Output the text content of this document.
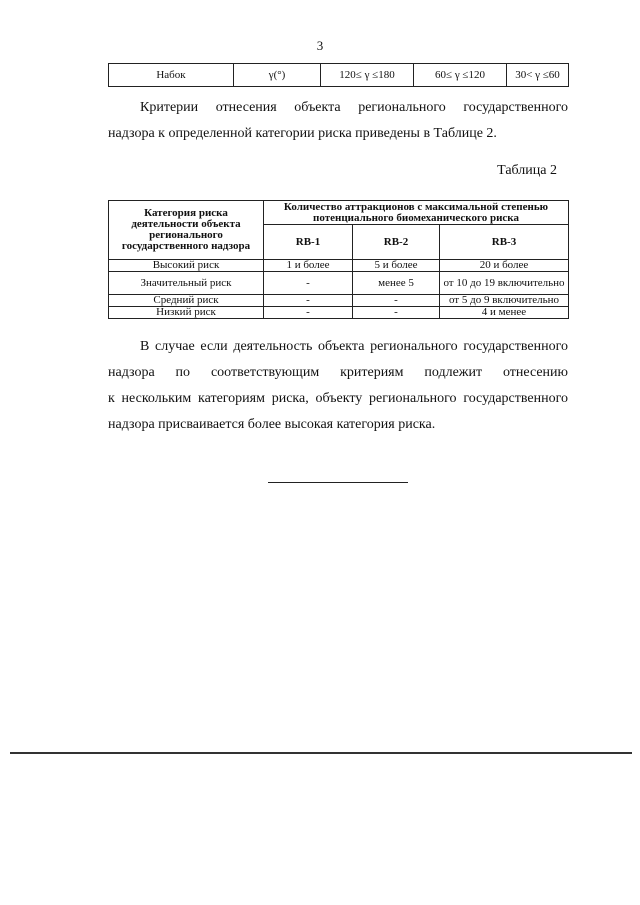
3
Набок	γ(°)	120≤ γ ≤180	60≤ γ ≤120	30< γ ≤60

Критерии отнесения объекта регионального государственного

надзора к определенной категории риска приведены в Таблице 2.

Таблица 2
Категория риска деятельности объекта регионального государственного надзора	Количество аттракционов с максимальной степенью потенциального биомеханического риска		
	RB-1	RB-2	RB-3
Высокий риск	1 и более	5 и более	20 и более
Значительный риск	-	менее 5	от 10 до 19 включительно
Средний риск	-	-	от 5 до 9 включительно
Низкий риск	-	-	4 и менее

В случае если деятельность объекта регионального государственного

надзора по соответствующим критериям подлежит отнесению

к нескольким категориям риска, объекту регионального государственного

надзора присваивается более высокая категория риска.
